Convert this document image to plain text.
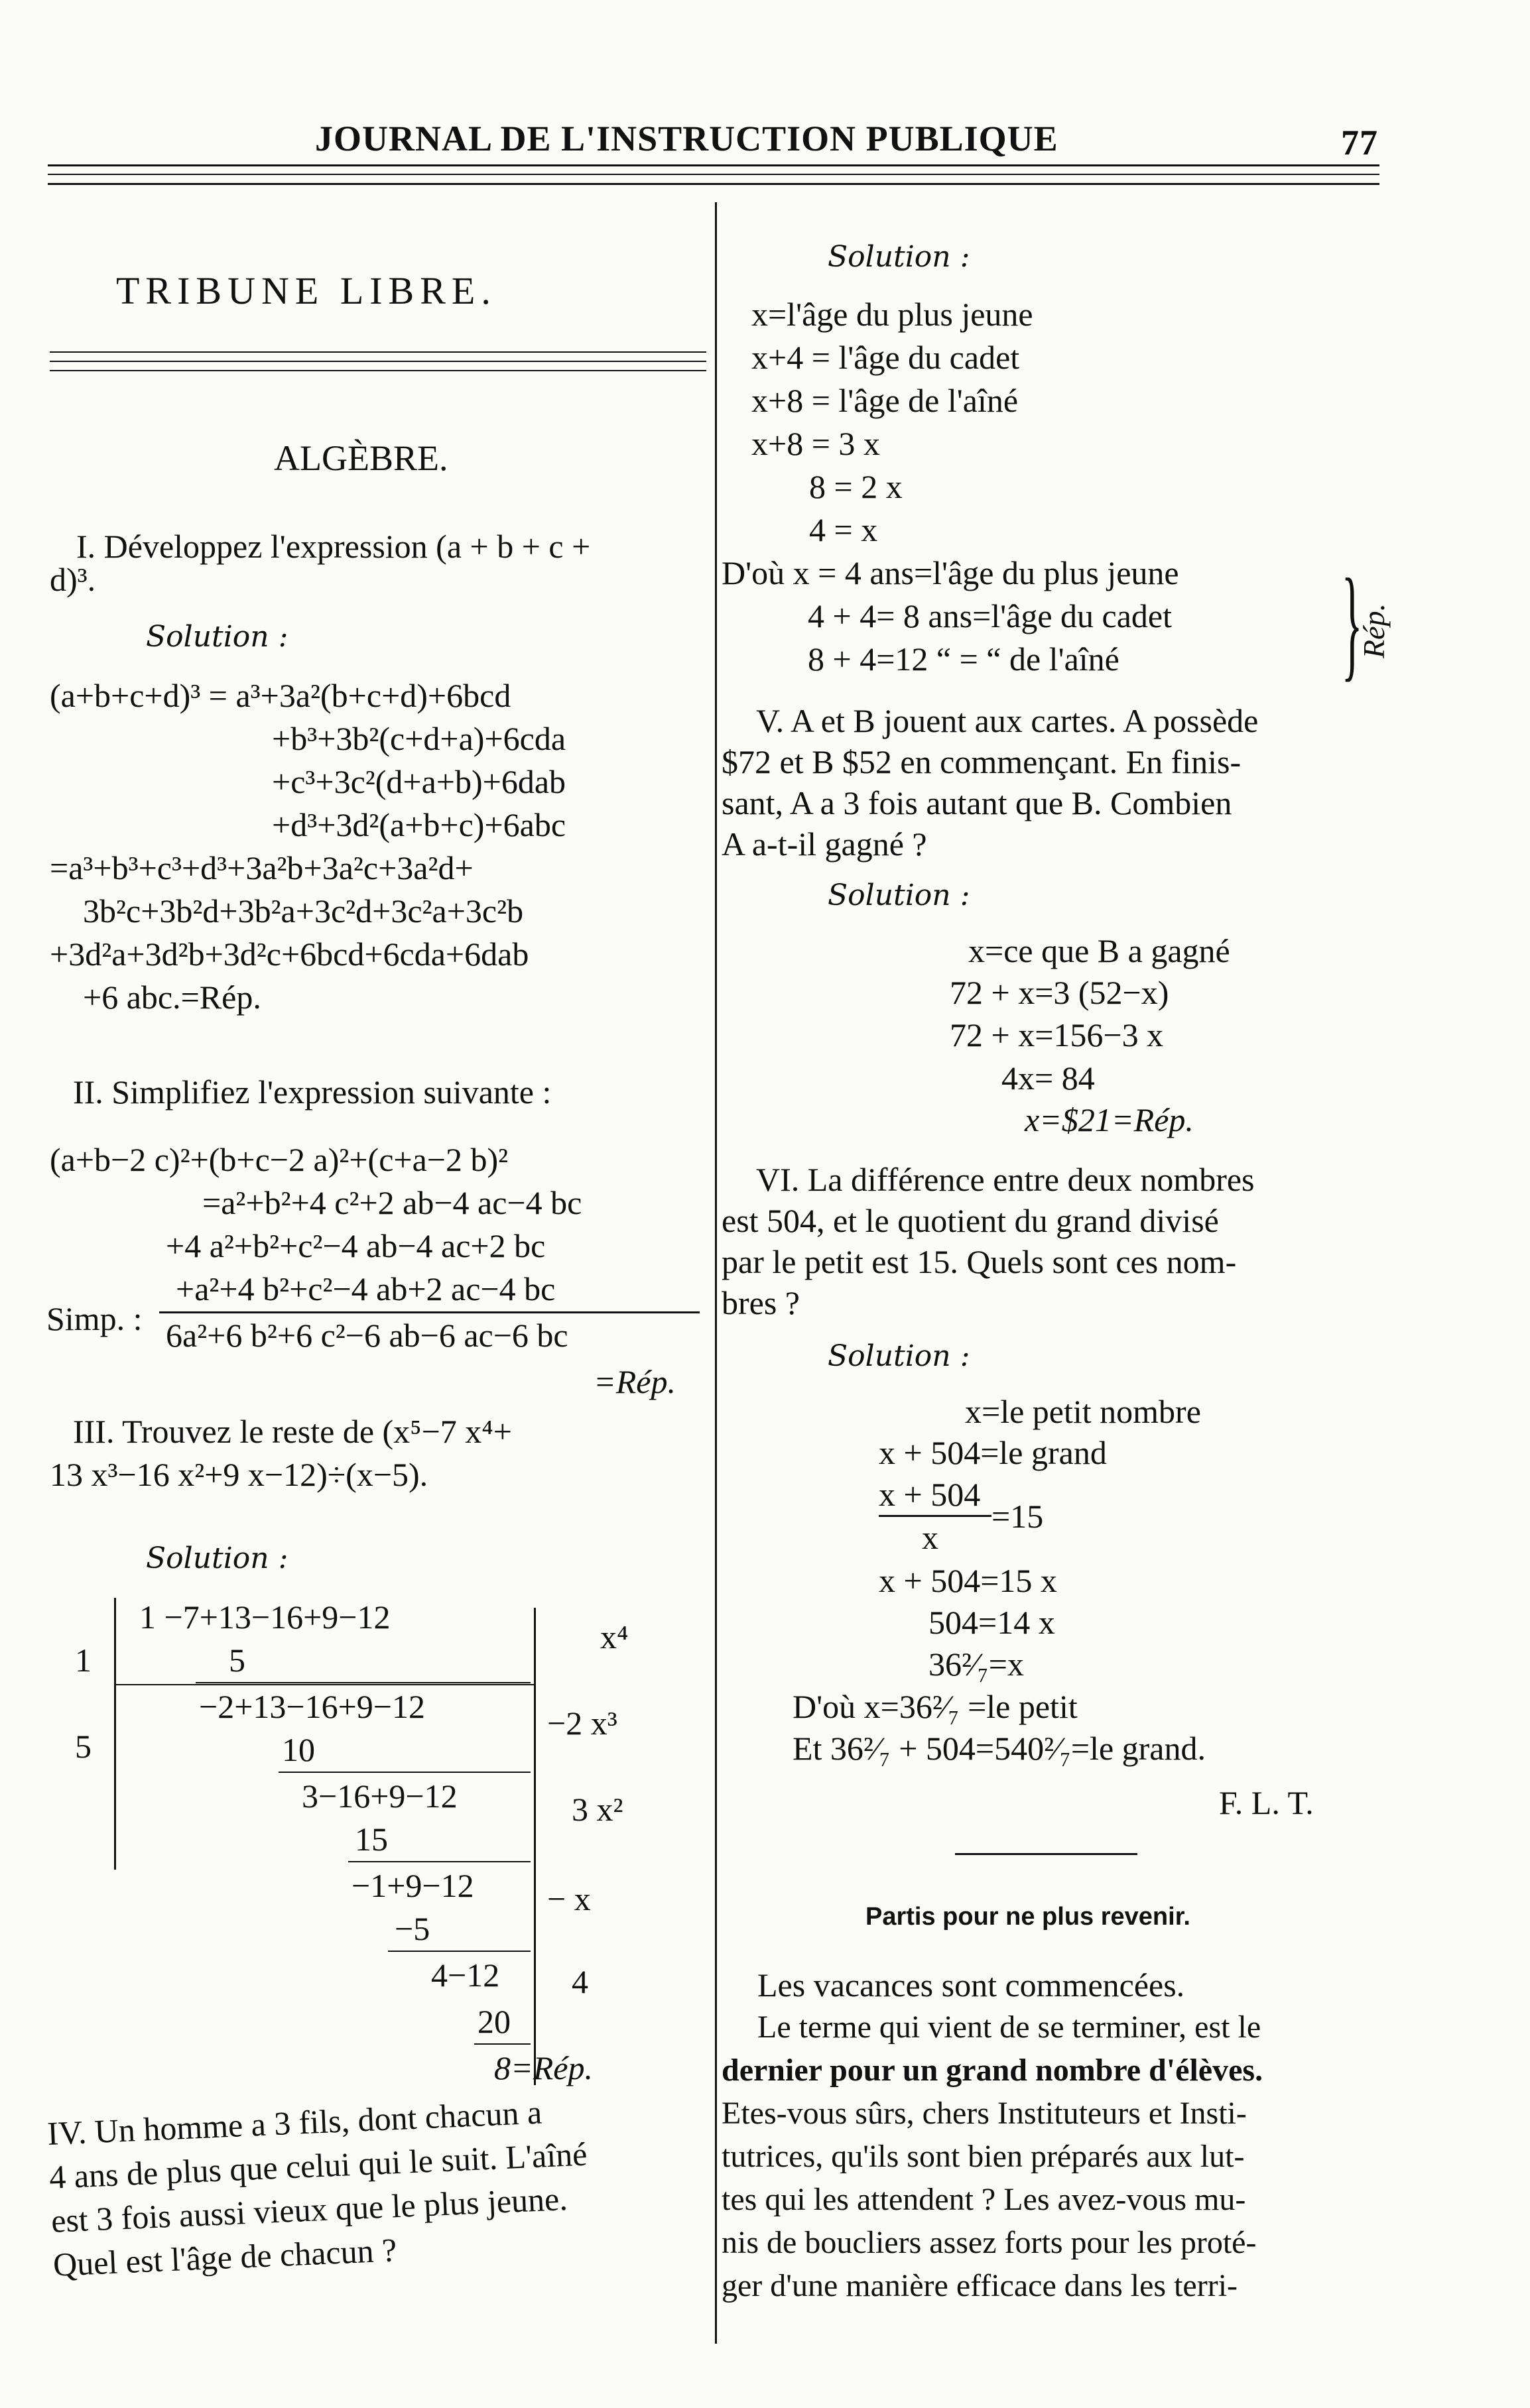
JOURNAL DE L'INSTRUCTION PUBLIQUE	77
TRIBUNE LIBRE.
ALGÈBRE.
I. Développez l'expression (a + b + c +
d)³.
Solution :
(a+b+c+d)³ = a³+3a²(b+c+d)+6bcd
+b³+3b²(c+d+a)+6cda
+c³+3c²(d+a+b)+6dab
+d³+3d²(a+b+c)+6abc
=a³+b³+c³+d³+3a²b+3a²c+3a²d+
3b²c+3b²d+3b²a+3c²d+3c²a+3c²b
+3d²a+3d²b+3d²c+6bcd+6cda+6dab
+6 abc.=Rép.
II. Simplifiez l'expression suivante :
(a+b−2 c)²+(b+c−2 a)²+(c+a−2 b)²
=a²+b²+4 c²+2 ab−4 ac−4 bc
+4 a²+b²+c²−4 ab−4 ac+2 bc
+a²+4 b²+c²−4 ab+2 ac−4 bc
Simp. : 6a²+6 b²+6 c²−6 ab−6 ac−6 bc
=Rép.
III. Trouvez le reste de (x⁵−7 x⁴+
13 x³−16 x²+9 x−12)÷(x−5).
Solution :
1
5
1 −7+13−16+9−12
5
−2+13−16+9−12
10
3−16+9−12
15
−1+9−12
−5
4−12
20
8=Rép.
x⁴
−2 x³
3 x²
− x
4
IV. Un homme a 3 fils, dont chacun a
4 ans de plus que celui qui le suit. L'aîné
est 3 fois aussi vieux que le plus jeune.
Quel est l'âge de chacun ?
Solution :
x=l'âge du plus jeune
x+4 = l'âge du cadet
x+8 = l'âge de l'aîné
x+8 = 3 x
8 = 2 x
4 = x
D'où x = 4 ans=l'âge du plus jeune
4 + 4= 8 ans=l'âge du cadet
8 + 4=12 “ = “ de l'aîné }
Rép.
V. A et B jouent aux cartes. A possède
$72 et B $52 en commençant. En finis-
sant, A a 3 fois autant que B. Combien
A a-t-il gagné ?
Solution :
x=ce que B a gagné
72 + x=3 (52−x)
72 + x=156−3 x
4x= 84
x=$21=Rép.
VI. La différence entre deux nombres
est 504, et le quotient du grand divisé
par le petit est 15. Quels sont ces nom-
bres ?
Solution :
x=le petit nombre
x + 504=le grand
x + 504
=15
x
x + 504=15 x
504=14 x
36²⁄₇=x
D'où x=36²⁄₇ =le petit
Et 36²⁄₇ + 504=540²⁄₇=le grand.
F. L. T.
Partis pour ne plus revenir.
Les vacances sont commencées.
Le terme qui vient de se terminer, est le
dernier pour un grand nombre d'élèves.
Etes-vous sûrs, chers Instituteurs et Insti-
tutrices, qu'ils sont bien préparés aux lut-
tes qui les attendent ? Les avez-vous mu-
nis de boucliers assez forts pour les proté-
ger d'une manière efficace dans les terri-
